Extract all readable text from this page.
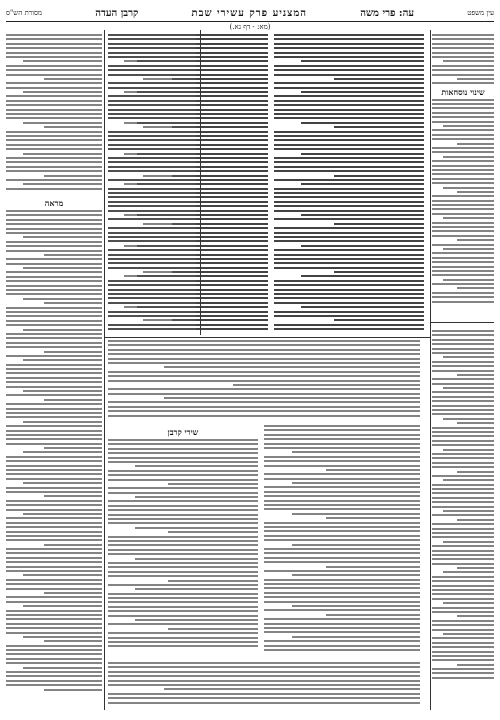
עין משפט
עה: פרי משה
המצניע פרק עשירי שבת
קרבן העדה
מסורת הש"ס
(מא: - דף נא.)
שינוי נוסחאות
מראה
שירי קרבן
